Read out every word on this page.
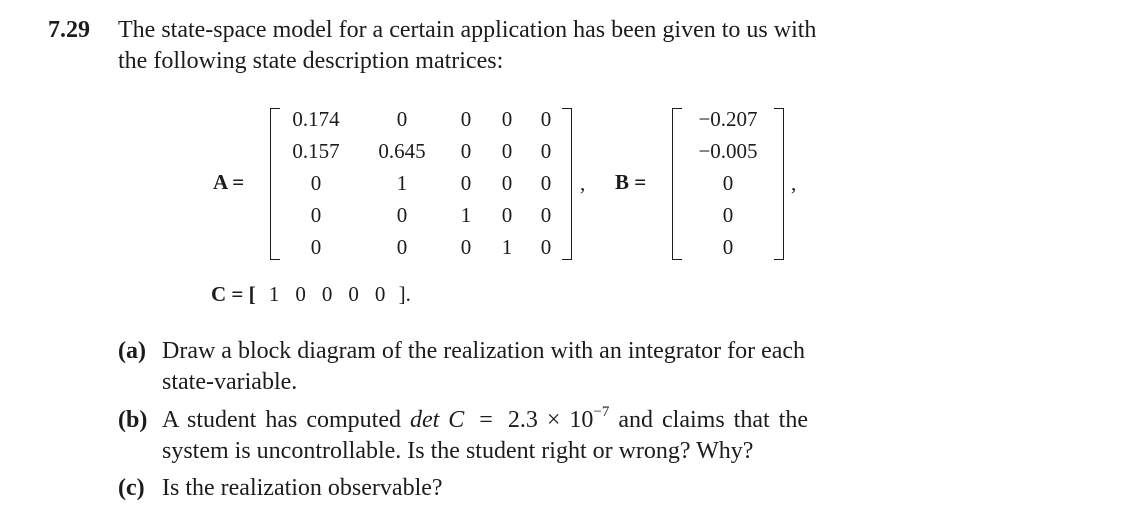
7.29 The state-space model for a certain application has been given to us with
the following state description matrices:
A =
0.174	0	0 0 0
0.157 0.645 0 0 0
0	1	0 0 0
0	0	1 0 0
0	0	0 1 0
, B =
−0.207
−0.005
0
0
0
,
C = [ 1 0 0 0 0 ].
(a) Draw a block diagram of the realization with an integrator for each
state-variable.
(b) A student has computed $\det C = 2.3 \times 10^{-7}$ and claims that the
system is uncontrollable. Is the student right or wrong? Why?
(c) Is the realization observable?
